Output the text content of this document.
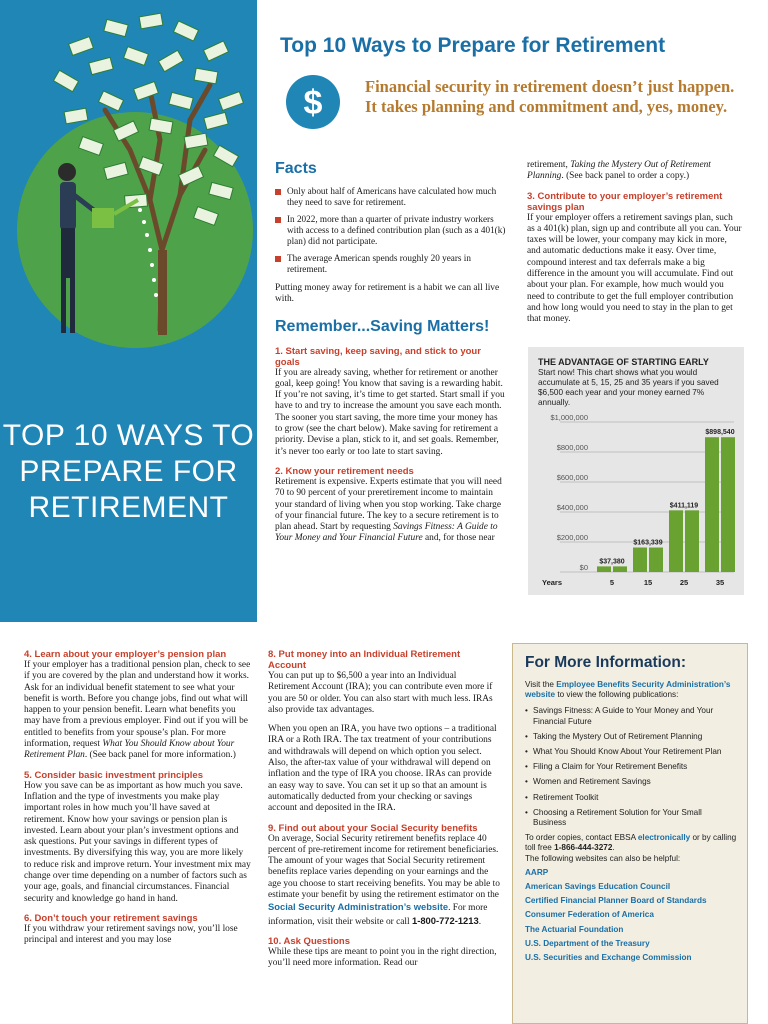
TOP 10 WAYS TO
PREPARE FOR
RETIREMENT
Top 10 Ways to Prepare for Retirement
$	Financial security in retirement doesn’t just happen. It takes planning and commitment and, yes, money.
Facts
Only about half of Americans have calculated how much they need to save for retirement.
In 2022, more than a quarter of private industry workers with access to a defined contribution plan (such as a 401(k) plan) did not participate.
The average American spends roughly 20 years in retirement.

Putting money away for retirement is a habit we can all live with.

Remember...Saving Matters!
1. Start saving, keep saving, and stick to your goals

If you are already saving, whether for retirement or another goal, keep going! You know that saving is a rewarding habit. If you’re not saving, it’s time to get started. Start small if you have to and try to increase the amount you save each month. The sooner you start saving, the more time your money has to grow (see the chart below). Make saving for retirement a priority. Devise a plan, stick to it, and set goals. Remember, it’s never too early or too late to start saving.

2. Know your retirement needs

Retirement is expensive. Experts estimate that you will need 70 to 90 percent of your preretirement income to maintain your standard of living when you stop working. Take charge of your financial future. The key to a secure retirement is to plan ahead. Start by requesting Savings Fitness: A Guide to Your Money and Your Financial Future and, for those near

retirement, Taking the Mystery Out of Retirement Planning. (See back panel to order a copy.)

3. Contribute to your employer’s retirement savings plan

If your employer offers a retirement savings plan, such as a 401(k) plan, sign up and contribute all you can. Your taxes will be lower, your company may kick in more, and automatic deductions make it easy. Over time, compound interest and tax deferrals make a big difference in the amount you will accumulate. Find out about your plan. For example, how much would you need to contribute to get the full employer contribution and how long would you need to stay in the plan to get that money.

$0
$200,000
$400,000
$600,000
$800,000
$1,000,000
$37,380
5
$163,339
15
$411,119
25
$898,540
35
Years
THE ADVANTAGE OF STARTING EARLY
Start now! This chart shows what you would accumulate at 5, 15, 25 and 35 years if you saved $6,500 each year and your money earned 7% annually.
4. Learn about your employer’s pension plan

If your employer has a traditional pension plan, check to see if you are covered by the plan and understand how it works. Ask for an individual benefit statement to see what your benefit is worth. Before you change jobs, find out what will happen to your pension benefit. Learn what benefits you may have from a previous employer. Find out if you will be entitled to benefits from your spouse’s plan. For more information, request What You Should Know about Your Retirement Plan. (See back panel for more information.)

5. Consider basic investment principles

How you save can be as important as how much you save. Inflation and the type of investments you make play important roles in how much you’ll have saved at retirement. Know how your savings or pension plan is invested. Learn about your plan’s investment options and ask questions. Put your savings in different types of investments. By diversifying this way, you are more likely to reduce risk and improve return. Your investment mix may change over time depending on a number of factors such as your age, goals, and financial circumstances. Financial security and knowledge go hand in hand.

6. Don’t touch your retirement savings

If you withdraw your retirement savings now, you’ll lose principal and interest and you may lose

8. Put money into an Individual Retirement Account

You can put up to $6,500 a year into an Individual Retirement Account (IRA); you can contribute even more if you are 50 or older. You can also start with much less. IRAs also provide tax advantages.

When you open an IRA, you have two options – a traditional IRA or a Roth IRA. The tax treatment of your contributions and withdrawals will depend on which option you select. Also, the after-tax value of your withdrawal will depend on inflation and the type of IRA you choose. IRAs can provide an easy way to save. You can set it up so that an amount is automatically deducted from your checking or savings account and deposited in the IRA.

9. Find out about your Social Security benefits

On average, Social Security retirement benefits replace 40 percent of pre-retirement income for retirement beneficiaries. The amount of your wages that Social Security retirement benefits replace varies depending on your earnings and the age you choose to start receiving benefits. You may be able to estimate your benefit by using the retirement estimator on the Social Security Administration’s website. For more information, visit their website or call 1-800-772-1213.

10. Ask Questions

While these tips are meant to point you in the right direction, you’ll need more information. Read our

For More Information:

Visit the Employee Benefits Security Administration’s website to view the following publications:

• Savings Fitness: A Guide to Your Money and Your Financial Future
• Taking the Mystery Out of Retirement Planning
• What You Should Know About Your Retirement Plan
• Filing a Claim for Your Retirement Benefits
• Women and Retirement Savings
• Retirement Toolkit
• Choosing a Retirement Solution for Your Small Business

To order copies, contact EBSA electronically or by calling toll free 1-866-444-3272.

The following websites can also be helpful:

AARP
American Savings Education Council
Certified Financial Planner Board of Standards
Consumer Federation of America
The Actuarial Foundation
U.S. Department of the Treasury
U.S. Securities and Exchange Commission
